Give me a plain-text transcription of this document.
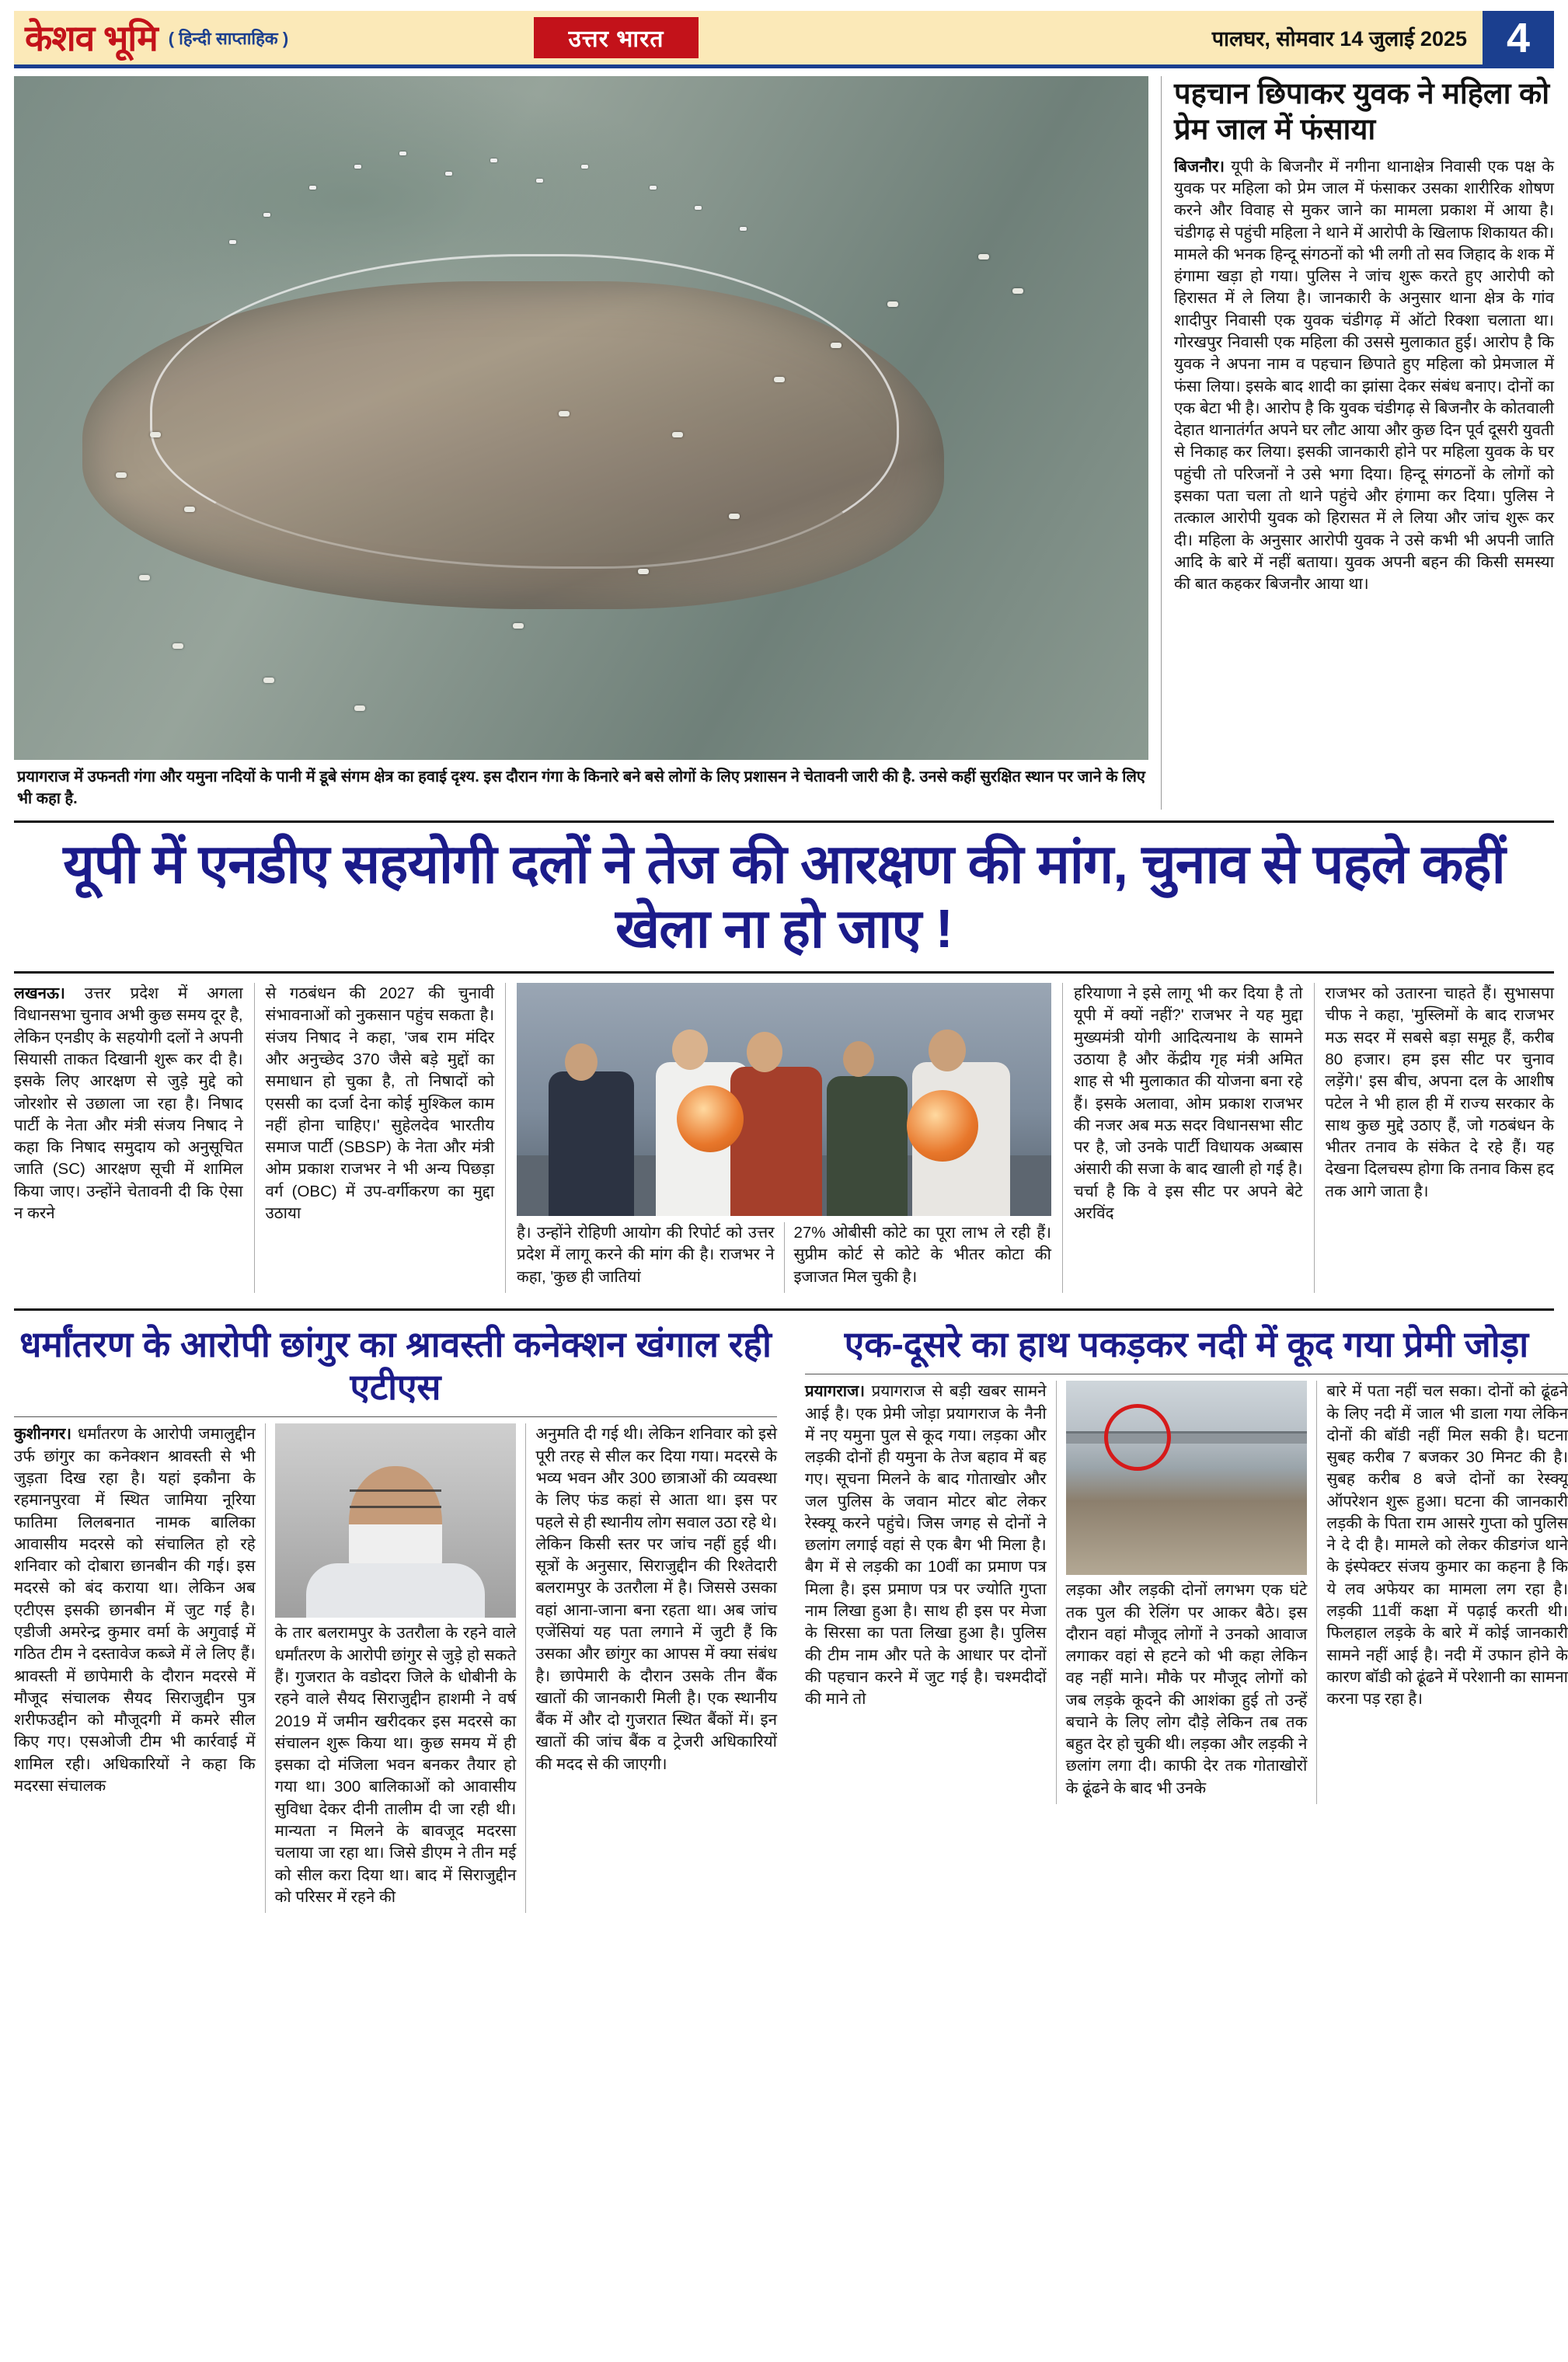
केशव भूमि ( हिन्दी साप्ताहिक )	उत्तर भारत	पालघर, सोमवार 14 जुलाई 2025 4
प्रयागराज में उफनती गंगा और यमुना नदियों के पानी में डूबे संगम क्षेत्र का हवाई दृश्य. इस दौरान गंगा के किनारे बने बसे लोगों के लिए प्रशासन ने चेतावनी जारी की है. उनसे कहीं सुरक्षित स्थान पर जाने के लिए भी कहा है.
पहचान छिपाकर युवक ने महिला को प्रेम जाल में फंसाया

बिजनौर। यूपी के बिजनौर में नगीना थानाक्षेत्र निवासी एक पक्ष के युवक पर महिला को प्रेम जाल में फंसाकर उसका शारीरिक शोषण करने और विवाह से मुकर जाने का मामला प्रकाश में आया है। चंडीगढ़ से पहुंची महिला ने थाने में आरोपी के खिलाफ शिकायत की। मामले की भनक हिन्दू संगठनों को भी लगी तो सव जिहाद के शक में हंगामा खड़ा हो गया। पुलिस ने जांच शुरू करते हुए आरोपी को हिरासत में ले लिया है। जानकारी के अनुसार थाना क्षेत्र के गांव शादीपुर निवासी एक युवक चंडीगढ़ में ऑटो रिक्शा चलाता था। गोरखपुर निवासी एक महिला की उससे मुलाकात हुई। आरोप है कि युवक ने अपना नाम व पहचान छिपाते हुए महिला को प्रेमजाल में फंसा लिया। इसके बाद शादी का झांसा देकर संबंध बनाए। दोनों का एक बेटा भी है। आरोप है कि युवक चंडीगढ़ से बिजनौर के कोतवाली देहात थानातंर्गत अपने घर लौट आया और कुछ दिन पूर्व दूसरी युवती से निकाह कर लिया। इसकी जानकारी होने पर महिला युवक के घर पहुंची तो परिजनों ने उसे भगा दिया। हिन्दू संगठनों के लोगों को इसका पता चला तो थाने पहुंचे और हंगामा कर दिया। पुलिस ने तत्काल आरोपी युवक को हिरासत में ले लिया और जांच शुरू कर दी। महिला के अनुसार आरोपी युवक ने उसे कभी भी अपनी जाति आदि के बारे में नहीं बताया। युवक अपनी बहन की किसी समस्या की बात कहकर बिजनौर आया था।

यूपी में एनडीए सहयोगी दलों ने तेज की आरक्षण की मांग, चुनाव से पहले कहीं खेला ना हो जाए !

लखनऊ। उत्तर प्रदेश में अगला विधानसभा चुनाव अभी कुछ समय दूर है, लेकिन एनडीए के सहयोगी दलों ने अपनी सियासी ताकत दिखानी शुरू कर दी है। इसके लिए आरक्षण से जुड़े मुद्दे को जोरशोर से उछाला जा रहा है। निषाद पार्टी के नेता और मंत्री संजय निषाद ने कहा कि निषाद समुदाय को अनुसूचित जाति (SC) आरक्षण सूची में शामिल किया जाए। उन्होंने चेतावनी दी कि ऐसा न करने

से गठबंधन की 2027 की चुनावी संभावनाओं को नुकसान पहुंच सकता है। संजय निषाद ने कहा, 'जब राम मंदिर और अनुच्छेद 370 जैसे बड़े मुद्दों का समाधान हो चुका है, तो निषादों को एससी का दर्जा देना कोई मुश्किल काम नहीं होना चाहिए।' सुहेलदेव भारतीय समाज पार्टी (SBSP) के नेता और मंत्री ओम प्रकाश राजभर ने भी अन्य पिछड़ा वर्ग (OBC) में उप-वर्गीकरण का मुद्दा उठाया

है। उन्होंने रोहिणी आयोग की रिपोर्ट को उत्तर प्रदेश में लागू करने की मांग की है। राजभर ने कहा, 'कुछ ही जातियां

27% ओबीसी कोटे का पूरा लाभ ले रही हैं। सुप्रीम कोर्ट से कोटे के भीतर कोटा की इजाजत मिल चुकी है।

हरियाणा ने इसे लागू भी कर दिया है तो यूपी में क्यों नहीं?' राजभर ने यह मुद्दा मुख्यमंत्री योगी आदित्यनाथ के सामने उठाया है और केंद्रीय गृह मंत्री अमित शाह से भी मुलाकात की योजना बना रहे हैं। इसके अलावा, ओम प्रकाश राजभर की नजर अब मऊ सदर विधानसभा सीट पर है, जो उनके पार्टी विधायक अब्बास अंसारी की सजा के बाद खाली हो गई है। चर्चा है कि वे इस सीट पर अपने बेटे अरविंद

राजभर को उतारना चाहते हैं। सुभासपा चीफ ने कहा, 'मुस्लिमों के बाद राजभर मऊ सदर में सबसे बड़ा समूह हैं, करीब 80 हजार। हम इस सीट पर चुनाव लड़ेंगे।' इस बीच, अपना दल के आशीष पटेल ने भी हाल ही में राज्य सरकार के साथ कुछ मुद्दे उठाए हैं, जो गठबंधन के भीतर तनाव के संकेत दे रहे हैं। यह देखना दिलचस्प होगा कि तनाव किस हद तक आगे जाता है।

धर्मांतरण के आरोपी छांगुर का श्रावस्ती कनेक्शन खंगाल रही एटीएस

कुशीनगर। धर्मांतरण के आरोपी जमालुद्दीन उर्फ छांगुर का कनेक्शन श्रावस्ती से भी जुड़ता दिख रहा है। यहां इकौना के रहमानपुरवा में स्थित जामिया नूरिया फातिमा लिलबनात नामक बालिका आवासीय मदरसे को संचालित हो रहे शनिवार को दोबारा छानबीन की गई। इस मदरसे को बंद कराया था। लेकिन अब एटीएस इसकी छानबीन में जुट गई है। एडीजी अमरेन्द्र कुमार वर्मा के अगुवाई में गठित टीम ने दस्तावेज कब्जे में ले लिए हैं। श्रावस्ती में छापेमारी के दौरान मदरसे में मौजूद संचालक सैयद सिराजुद्दीन पुत्र शरीफउद्दीन को मौजूदगी में कमरे सील किए गए। एसओजी टीम भी कार्रवाई में शामिल रही। अधिकारियों ने कहा कि मदरसा संचालक

के तार बलरामपुर के उतरौला के रहने वाले धर्मांतरण के आरोपी छांगुर से जुड़े हो सकते हैं। गुजरात के वडोदरा जिले के धोबीनी के रहने वाले सैयद सिराजुद्दीन हाशमी ने वर्ष 2019 में जमीन खरीदकर इस मदरसे का संचालन शुरू किया था। कुछ समय में ही इसका दो मंजिला भवन बनकर तैयार हो गया था। 300 बालिकाओं को आवासीय सुविधा देकर दीनी तालीम दी जा रही थी। मान्यता न मिलने के बावजूद मदरसा चलाया जा रहा था। जिसे डीएम ने तीन मई को सील करा दिया था। बाद में सिराजुद्दीन को परिसर में रहने की

अनुमति दी गई थी। लेकिन शनिवार को इसे पूरी तरह से सील कर दिया गया। मदरसे के भव्य भवन और 300 छात्राओं की व्यवस्था के लिए फंड कहां से आता था। इस पर पहले से ही स्थानीय लोग सवाल उठा रहे थे। लेकिन किसी स्तर पर जांच नहीं हुई थी। सूत्रों के अनुसार, सिराजुद्दीन की रिश्तेदारी बलरामपुर के उतरौला में है। जिससे उसका वहां आना-जाना बना रहता था। अब जांच एजेंसियां यह पता लगाने में जुटी हैं कि उसका और छांगुर का आपस में क्या संबंध है। छापेमारी के दौरान उसके तीन बैंक खातों की जानकारी मिली है। एक स्थानीय बैंक में और दो गुजरात स्थित बैंकों में। इन खातों की जांच बैंक व ट्रेजरी अधिकारियों की मदद से की जाएगी।

एक-दूसरे का हाथ पकड़कर नदी में कूद गया प्रेमी जोड़ा

प्रयागराज। प्रयागराज से बड़ी खबर सामने आई है। एक प्रेमी जोड़ा प्रयागराज के नैनी में नए यमुना पुल से कूद गया। लड़का और लड़की दोनों ही यमुना के तेज बहाव में बह गए। सूचना मिलने के बाद गोताखोर और जल पुलिस के जवान मोटर बोट लेकर रेस्क्यू करने पहुंचे। जिस जगह से दोनों ने छलांग लगाई वहां से एक बैग भी मिला है। बैग में से लड़की का 10वीं का प्रमाण पत्र मिला है। इस प्रमाण पत्र पर ज्योति गुप्ता नाम लिखा हुआ है। साथ ही इस पर मेजा के सिरसा का पता लिखा हुआ है। पुलिस की टीम नाम और पते के आधार पर दोनों की पहचान करने में जुट गई है। चश्मदीदों की माने तो

लड़का और लड़की दोनों लगभग एक घंटे तक पुल की रेलिंग पर आकर बैठे। इस दौरान वहां मौजूद लोगों ने उनको आवाज लगाकर वहां से हटने को भी कहा लेकिन वह नहीं माने। मौके पर मौजूद लोगों को जब लड़के कूदने की आशंका हुई तो उन्हें बचाने के लिए लोग दौड़े लेकिन तब तक बहुत देर हो चुकी थी। लड़का और लड़की ने छलांग लगा दी। काफी देर तक गोताखोरों के ढूंढने के बाद भी उनके

बारे में पता नहीं चल सका। दोनों को ढूंढने के लिए नदी में जाल भी डाला गया लेकिन दोनों की बॉडी नहीं मिल सकी है। घटना सुबह करीब 7 बजकर 30 मिनट की है। सुबह करीब 8 बजे दोनों का रेस्क्यू ऑपरेशन शुरू हुआ। घटना की जानकारी लड़की के पिता राम आसरे गुप्ता को पुलिस ने दे दी है। मामले को लेकर कीडगंज थाने के इंस्पेक्टर संजय कुमार का कहना है कि ये लव अफेयर का मामला लग रहा है। लड़की 11वीं कक्षा में पढ़ाई करती थी। फिलहाल लड़के के बारे में कोई जानकारी सामने नहीं आई है। नदी में उफान होने के कारण बॉडी को ढूंढने में परेशानी का सामना करना पड़ रहा है।
